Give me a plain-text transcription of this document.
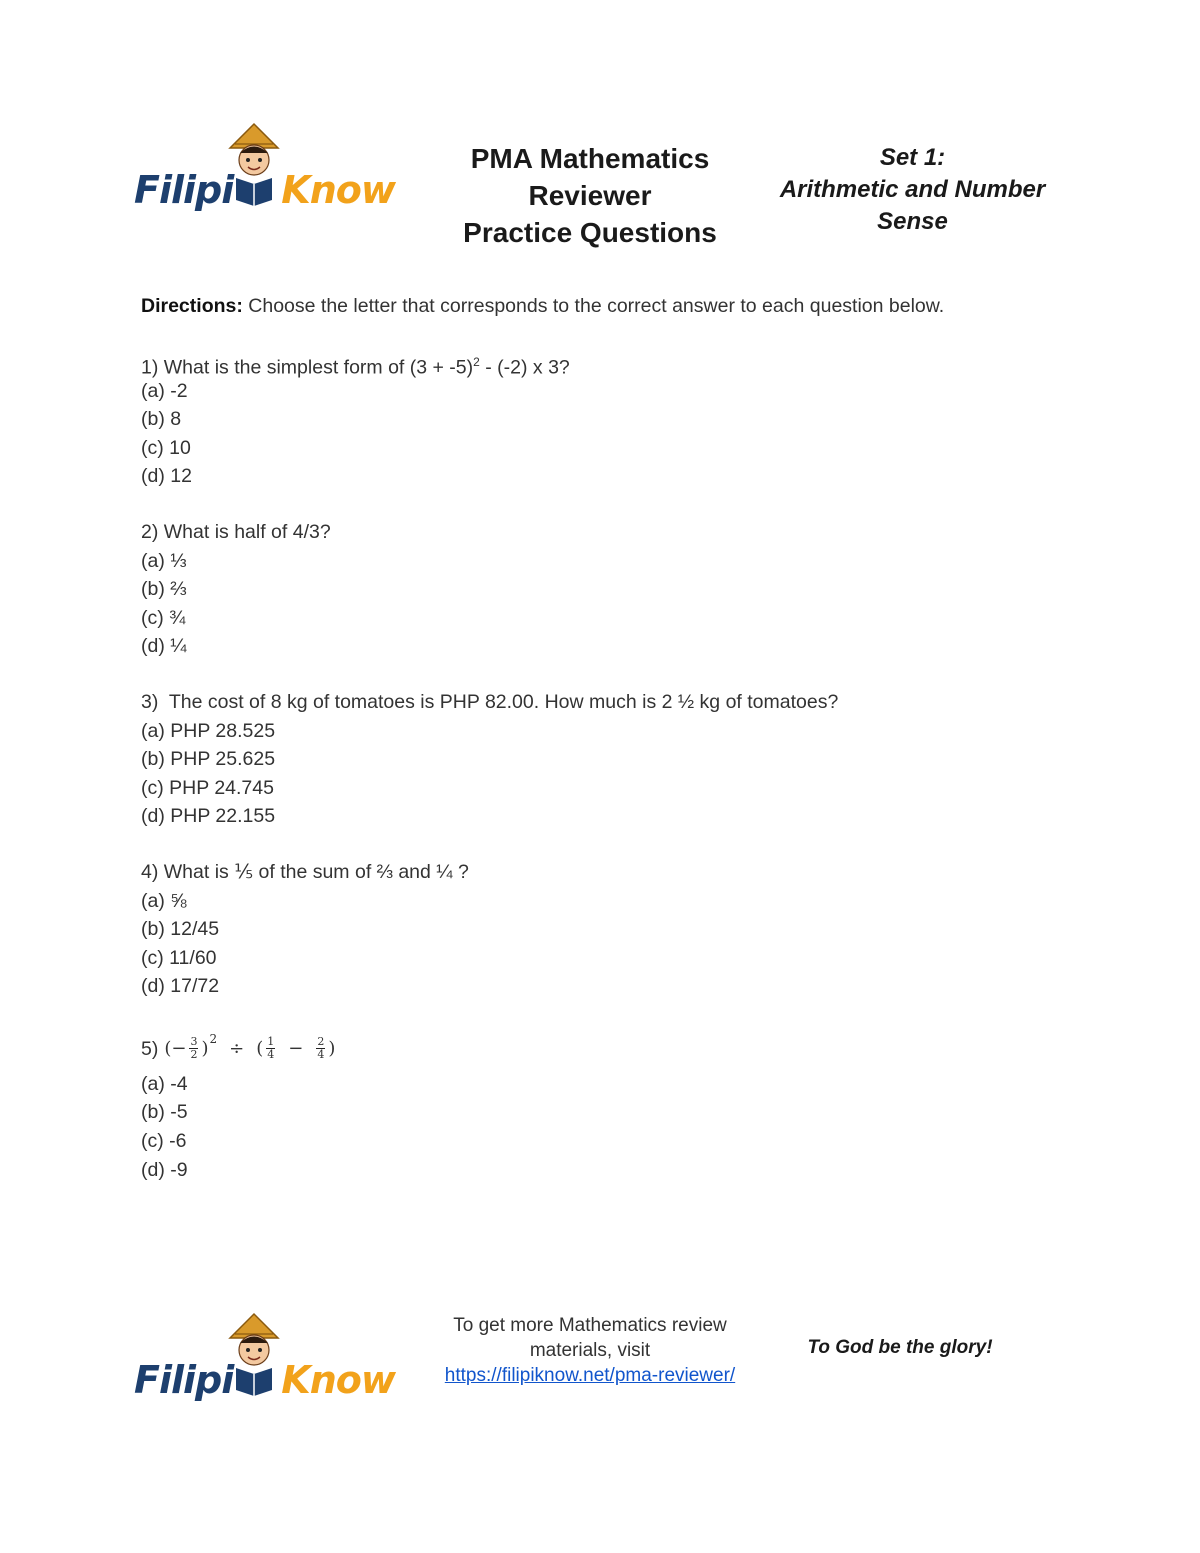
Filipi Know
PMA Mathematics
Reviewer
Practice Questions
Set 1:
Arithmetic and Number
Sense
Directions: Choose the letter that corresponds to the correct answer to each question below.
1) What is the simplest form of $(3 + -5)^2 - (-2)$ x 3?
(a) -2
(b) 8
(c) 10
(d) 12
2) What is half of 4/3?
(a) ⅓
(b) ⅔
(c) ¾
(d) ¼
3)  The cost of 8 kg of tomatoes is PHP 82.00. How much is 2 ½ kg of tomatoes?
(a) PHP 28.525
(b) PHP 25.625
(c) PHP 24.745
(d) PHP 22.155
4) What is ⅕ of the sum of ⅔ and ¼ ?
(a) ⅝
(b) 12/45
(c) 11/60
(d) 17/72
5) (− $\frac{3}{2}$ ) 2 ÷ ( $\frac{1}{4} - \frac{2}{4}$ )
(a) -4
(b) -5
(c) -6
(d) -9
Filipi Know
To get more Mathematics review materials, visit
https://filipiknow.net/pma-reviewer/
To God be the glory!
